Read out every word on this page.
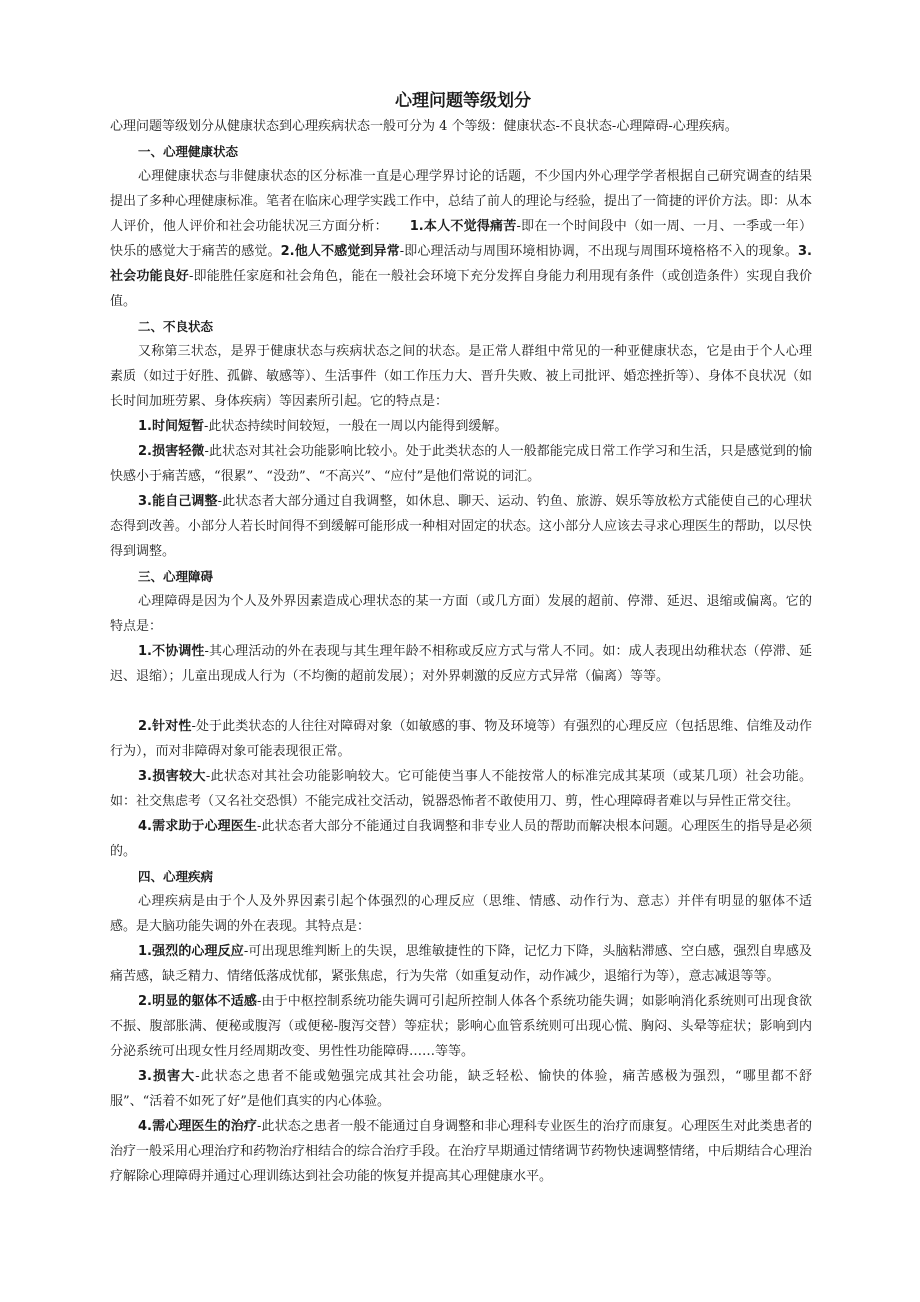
心理问题等级划分

心理问题等级划分从健康状态到心理疾病状态一般可分为 4 个等级：健康状态-不良状态-心理障碍-心理疾病。

一、心理健康状态

心理健康状态与非健康状态的区分标准一直是心理学界讨论的话题，不少国内外心理学学者根据自己研究调查的结果提出了多种心理健康标准。笔者在临床心理学实践工作中，总结了前人的理论与经验，提出了一简捷的评价方法。即：从本人评价，他人评价和社会功能状况三方面分析： 1.本人不觉得痛苦-即在一个时间段中（如一周、一月、一季或一年）快乐的感觉大于痛苦的感觉。2.他人不感觉到异常-即心理活动与周围环境相协调，不出现与周围环境格格不入的现象。3.社会功能良好-即能胜任家庭和社会角色，能在一般社会环境下充分发挥自身能力利用现有条件（或创造条件）实现自我价值。

二、不良状态

又称第三状态，是界于健康状态与疾病状态之间的状态。是正常人群组中常见的一种亚健康状态，它是由于个人心理素质（如过于好胜、孤僻、敏感等）、生活事件（如工作压力大、晋升失败、被上司批评、婚恋挫折等）、身体不良状况（如长时间加班劳累、身体疾病）等因素所引起。它的特点是：

1.时间短暂-此状态持续时间较短，一般在一周以内能得到缓解。

2.损害轻微-此状态对其社会功能影响比较小。处于此类状态的人一般都能完成日常工作学习和生活，只是感觉到的愉快感小于痛苦感，“很累”、“没劲”、“不高兴”、“应付”是他们常说的词汇。

3.能自己调整-此状态者大部分通过自我调整，如休息、聊天、运动、钓鱼、旅游、娱乐等放松方式能使自己的心理状态得到改善。小部分人若长时间得不到缓解可能形成一种相对固定的状态。这小部分人应该去寻求心理医生的帮助，以尽快得到调整。

三、心理障碍

心理障碍是因为个人及外界因素造成心理状态的某一方面（或几方面）发展的超前、停滞、延迟、退缩或偏离。它的特点是：

1.不协调性-其心理活动的外在表现与其生理年龄不相称或反应方式与常人不同。如：成人表现出幼稚状态（停滞、延迟、退缩）；儿童出现成人行为（不均衡的超前发展）；对外界刺激的反应方式异常（偏离）等等。

2.针对性-处于此类状态的人往往对障碍对象（如敏感的事、物及环境等）有强烈的心理反应（包括思维、信维及动作行为），而对非障碍对象可能表现很正常。

3.损害较大-此状态对其社会功能影响较大。它可能使当事人不能按常人的标准完成其某项（或某几项）社会功能。如：社交焦虑考（又名社交恐惧）不能完成社交活动，锐器恐怖者不敢使用刀、剪，性心理障碍者难以与异性正常交往。

4.需求助于心理医生-此状态者大部分不能通过自我调整和非专业人员的帮助而解决根本问题。心理医生的指导是必须的。

四、心理疾病

心理疾病是由于个人及外界因素引起个体强烈的心理反应（思维、情感、动作行为、意志）并伴有明显的躯体不适感。是大脑功能失调的外在表现。其特点是：

1.强烈的心理反应-可出现思维判断上的失误，思维敏捷性的下降，记忆力下降，头脑粘滞感、空白感，强烈自卑感及痛苦感，缺乏精力、情绪低落成忧郁，紧张焦虑，行为失常（如重复动作，动作减少，退缩行为等），意志减退等等。

2.明显的躯体不适感-由于中枢控制系统功能失调可引起所控制人体各个系统功能失调；如影响消化系统则可出现食欲不振、腹部胀满、便秘或腹泻（或便秘-腹泻交替）等症状；影响心血管系统则可出现心慌、胸闷、头晕等症状；影响到内分泌系统可出现女性月经周期改变、男性性功能障碍……等等。

3.损害大-此状态之患者不能或勉强完成其社会功能，缺乏轻松、愉快的体验，痛苦感极为强烈，“哪里都不舒服”、“活着不如死了好”是他们真实的内心体验。

4.需心理医生的治疗-此状态之患者一般不能通过自身调整和非心理科专业医生的治疗而康复。心理医生对此类患者的治疗一般采用心理治疗和药物治疗相结合的综合治疗手段。在治疗早期通过情绪调节药物快速调整情绪，中后期结合心理治疗解除心理障碍并通过心理训练达到社会功能的恢复并提高其心理健康水平。
